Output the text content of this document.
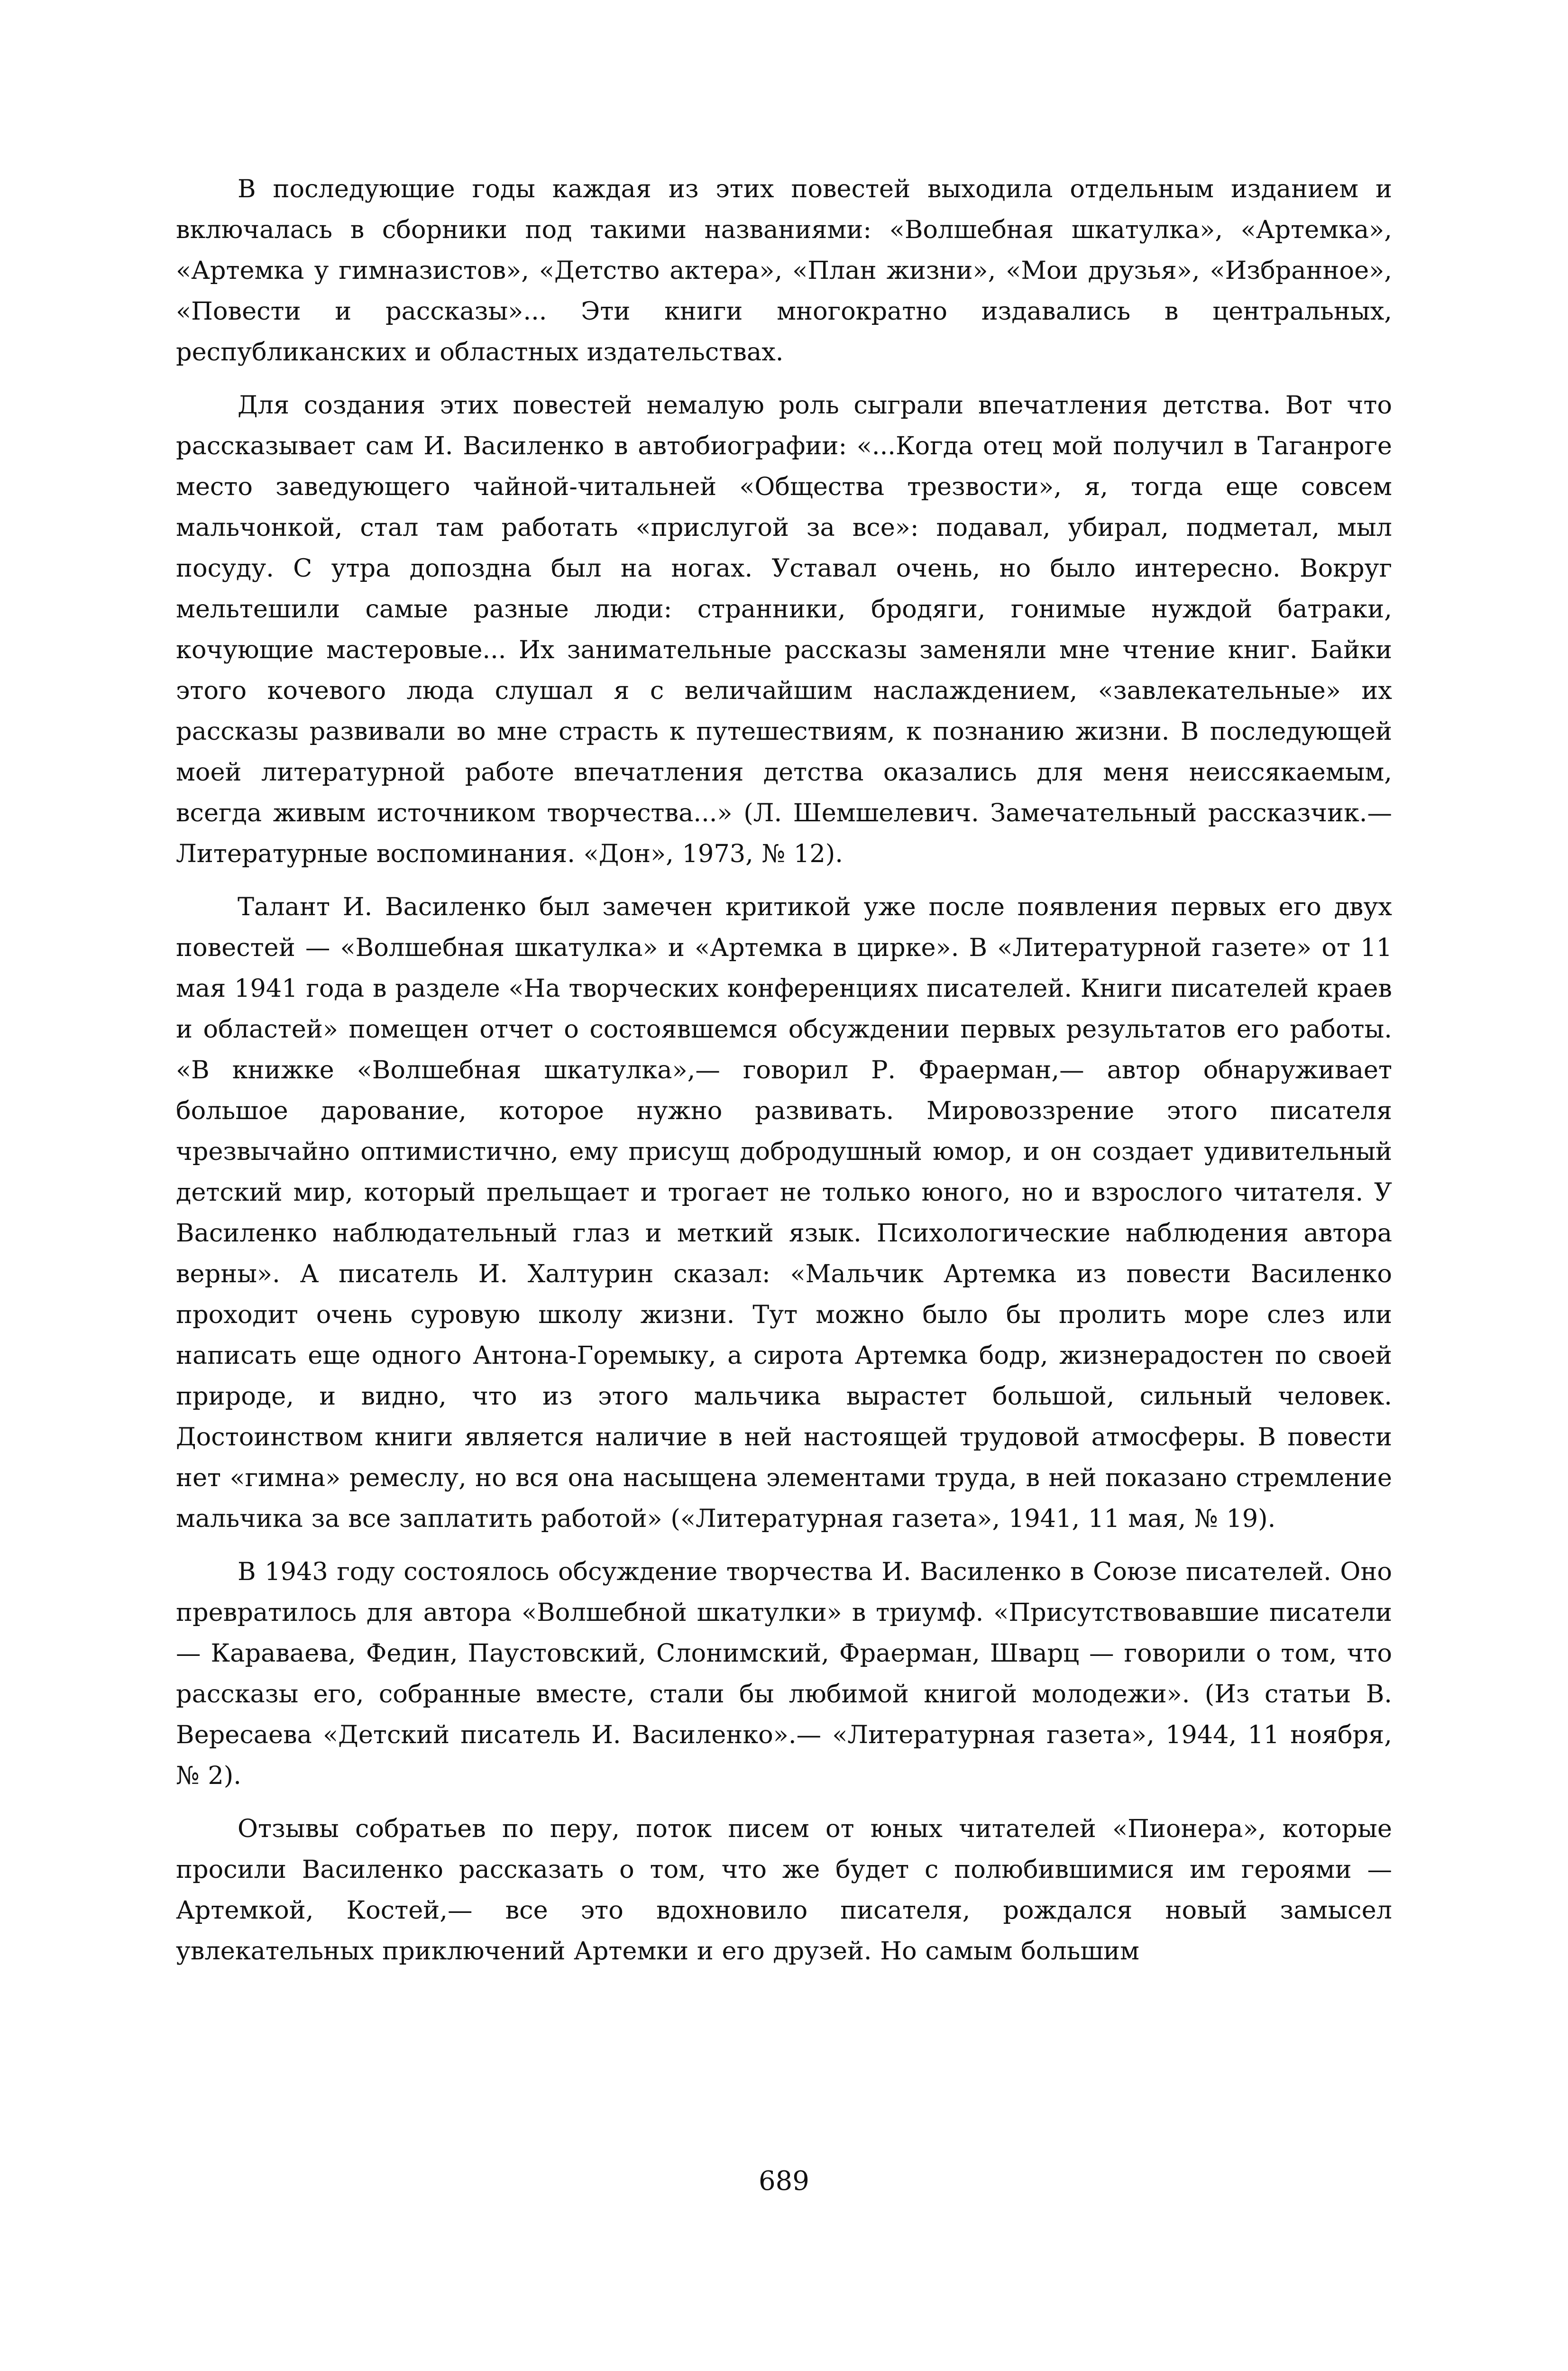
В последующие годы каждая из этих повестей выходила отдельным изданием и включалась в сборники под такими названиями: «Волшебная шкатулка», «Артемка», «Артемка у гимназистов», «Детство актера», «План жизни», «Мои друзья», «Избранное», «Повести и рассказы»... Эти книги многократно издавались в центральных, республиканских и областных издательствах.

Для создания этих повестей немалую роль сыграли впечатления детства. Вот что рассказывает сам И. Василенко в автобиографии: «...Когда отец мой получил в Таганроге место заведующего чайной-читальней «Общества трезвости», я, тогда еще совсем мальчонкой, стал там работать «прислугой за все»: подавал, убирал, подметал, мыл посуду. С утра допоздна был на ногах. Уставал очень, но было интересно. Вокруг мельтешили самые разные люди: странники, бродяги, гонимые нуждой батраки, кочующие мастеровые... Их занимательные рассказы заменяли мне чтение книг. Байки этого кочевого люда слушал я с величайшим наслаждением, «завлекательные» их рассказы развивали во мне страсть к путешествиям, к познанию жизни. В последующей моей литературной работе впечатления детства оказались для меня неиссякаемым, всегда живым источником творчества...» (Л. Шемшелевич. Замечательный рассказчик.— Литературные воспоминания. «Дон», 1973, № 12).

Талант И. Василенко был замечен критикой уже после появления первых его двух повестей — «Волшебная шкатулка» и «Артемка в цирке». В «Литературной газете» от 11 мая 1941 года в разделе «На творческих конференциях писателей. Книги писателей краев и областей» помещен отчет о состоявшемся обсуждении первых результатов его работы. «В книжке «Волшебная шкатулка»,— говорил Р. Фраерман,— автор обнаруживает большое дарование, которое нужно развивать. Мировоззрение этого писателя чрезвычайно оптимистично, ему присущ добродушный юмор, и он создает удивительный детский мир, который прельщает и трогает не только юного, но и взрослого читателя. У Василенко наблюдательный глаз и меткий язык. Психологические наблюдения автора верны». А писатель И. Халтурин сказал: «Мальчик Артемка из повести Василенко проходит очень суровую школу жизни. Тут можно было бы пролить море слез или написать еще одного Антона-Горемыку, а сирота Артемка бодр, жизнерадостен по своей природе, и видно, что из этого мальчика вырастет большой, сильный человек. Достоинством книги является наличие в ней настоящей трудовой атмосферы. В повести нет «гимна» ремеслу, но вся она насыщена элементами труда, в ней показано стремление мальчика за все заплатить работой» («Литературная газета», 1941, 11 мая, № 19).

В 1943 году состоялось обсуждение творчества И. Василенко в Союзе писателей. Оно превратилось для автора «Волшебной шкатулки» в триумф. «Присутствовавшие писатели — Караваева, Федин, Паустовский, Слонимский, Фраерман, Шварц — говорили о том, что рассказы его, собранные вместе, стали бы любимой книгой молодежи». (Из статьи В. Вересаева «Детский писатель И. Василенко».— «Литературная газета», 1944, 11 ноября, № 2).

Отзывы собратьев по перу, поток писем от юных читателей «Пионера», которые просили Василенко рассказать о том, что же будет с полюбившимися им героями — Артемкой, Костей,— все это вдохновило писателя, рождался новый замысел увлекательных приключений Артемки и его друзей. Но самым большим

689
